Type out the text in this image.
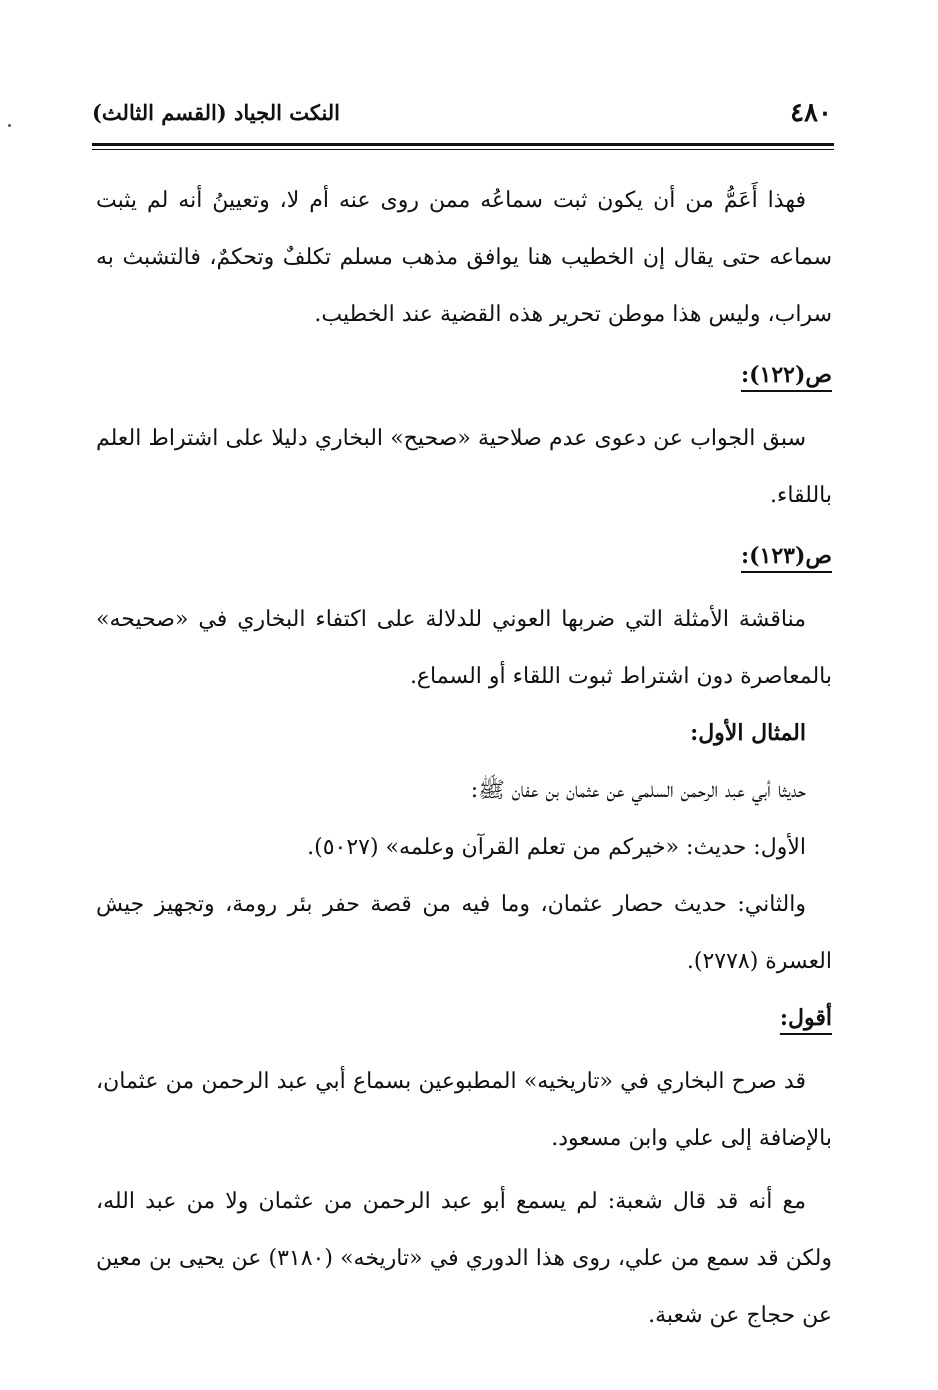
٤٨٠
النكت الجياد (القسم الثالث)

فهذا أَعَمُّ من أن يكون ثبت سماعُه ممن روى عنه أم لا، وتعيينُ أنه لم يثبت سماعه حتى يقال إن الخطيب هنا يوافق مذهب مسلم تكلفٌ وتحكمٌ، فالتشبث به سراب، وليس هذا موطن تحرير هذه القضية عند الخطيب.

ص(١٢٢):

سبق الجواب عن دعوى عدم صلاحية «صحيح» البخاري دليلا على اشتراط العلم باللقاء.

ص(١٢٣):

مناقشة الأمثلة التي ضربها العوني للدلالة على اكتفاء البخاري في «صحيحه» بالمعاصرة دون اشتراط ثبوت اللقاء أو السماع.

المثال الأول:

حديثا أبي عبد الرحمن السلمي عن عثمان بن عفان ﷺ:

الأول: حديث: «خيركم من تعلم القرآن وعلمه» (٥٠٢٧).

والثاني: حديث حصار عثمان، وما فيه من قصة حفر بئر رومة، وتجهيز جيش العسرة (٢٧٧٨).

أقول:

قد صرح البخاري في «تاريخيه» المطبوعين بسماع أبي عبد الرحمن من عثمان، بالإضافة إلى علي وابن مسعود.

مع أنه قد قال شعبة: لم يسمع أبو عبد الرحمن من عثمان ولا من عبد الله، ولكن قد سمع من علي، روى هذا الدوري في «تاريخه» (٣١٨٠) عن يحيى بن معين عن حجاج عن شعبة.
